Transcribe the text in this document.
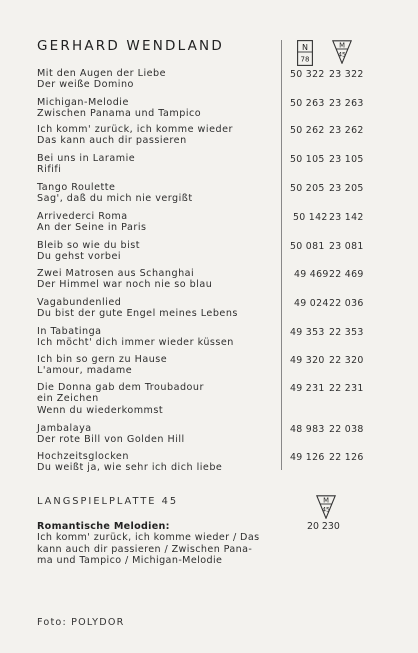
GERHARD WENDLAND	N
78
M
45
Mit den Augen der Liebe
Der weiße Domino
50 322 23 322
Michigan-Melodie
Zwischen Panama und Tampico
50 263 23 263
Ich komm' zurück, ich komme wieder
Das kann auch dir passieren
50 262 23 262
Bei uns in Laramie
Rififi
50 105 23 105
Tango Roulette
Sag', daß du mich nie vergißt
50 205 23 205
Arrivederci Roma
An der Seine in Paris
50 142 23 142
Bleib so wie du bist
Du gehst vorbei
50 081 23 081
Zwei Matrosen aus Schanghai
Der Himmel war noch nie so blau
49 469 22 469
Vagabundenlied
Du bist der gute Engel meines Lebens
49 024 22 036
In Tabatinga
Ich möcht' dich immer wieder küssen
49 353 22 353
Ich bin so gern zu Hause
L'amour, madame
49 320 22 320
Die Donna gab dem Troubadour
ein Zeichen
Wenn du wiederkommst
49 231 22 231
Jambalaya
Der rote Bill von Golden Hill
48 983 22 038
Hochzeitsglocken
Du weißt ja, wie sehr ich dich liebe
49 126 22 126
LANGSPIELPLATTE 45	M
45
Romantische Melodien:
Ich komm' zurück, ich komme wieder / Das
kann auch dir passieren / Zwischen Pana-
ma und Tampico / Michigan-Melodie
20 230
Foto: POLYDOR
